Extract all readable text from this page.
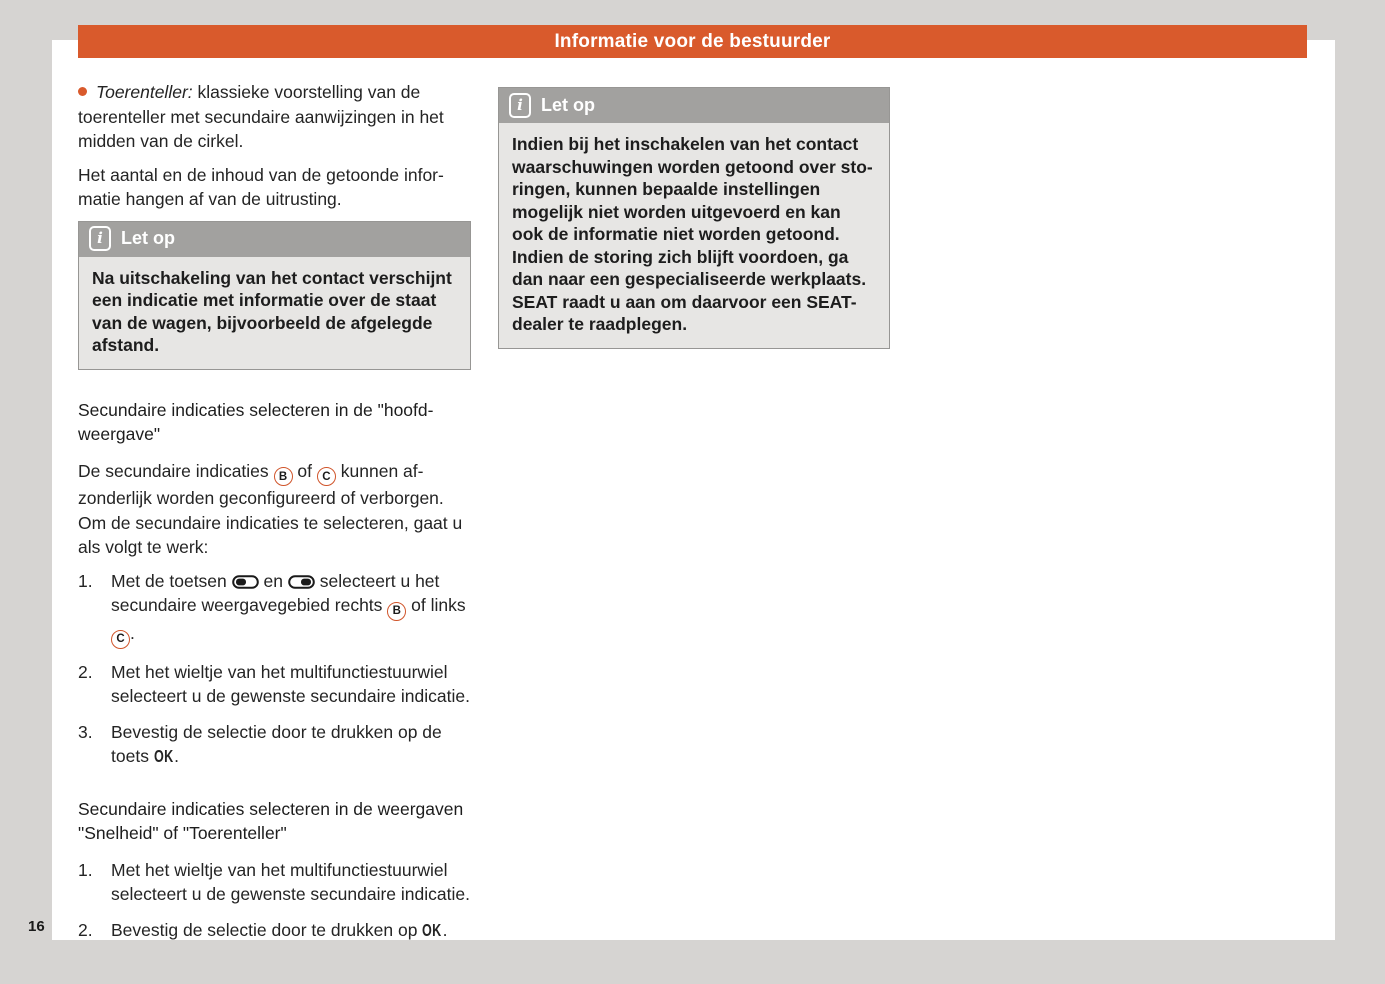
Informatie voor de bestuurder

Toerenteller: klassieke voorstelling van de toerenteller met secundaire aanwijzingen in het midden van de cirkel.

Het aantal en de inhoud van de getoonde informatie hangen af van de uitrusting.

i	Let op
Na uitschakeling van het contact verschijnt een indicatie met informatie over de staat van de wagen, bijvoorbeeld de afgelegde afstand.
Secundaire indicaties selecteren in de "hoofdweergave"

De secundaire indicaties B of C kunnen afzonderlijk worden geconfigureerd of verborgen. Om de secundaire indicaties te selecteren, gaat u als volgt te werk:

1.	Met de toetsen en selecteert u het secundaire weergavegebied rechts B of links C .
2.	Met het wieltje van het multifunctiestuurwiel selecteert u de gewenste secundaire indicatie.
3.	Bevestig de selectie door te drukken op de toets OK.
Secundaire indicaties selecteren in de weergaven "Snelheid" of "Toerenteller"
1.	Met het wieltje van het multifunctiestuurwiel selecteert u de gewenste secundaire indicatie.
2.	Bevestig de selectie door te drukken op OK.
i	Let op
Indien bij het inschakelen van het contact waarschuwingen worden getoond over storingen, kunnen bepaalde instellingen mogelijk niet worden uitgevoerd en kan ook de informatie niet worden getoond. Indien de storing zich blijft voordoen, ga dan naar een gespecialiseerde werkplaats. SEAT raadt u aan om daarvoor een SEAT-dealer te raadplegen.
16
